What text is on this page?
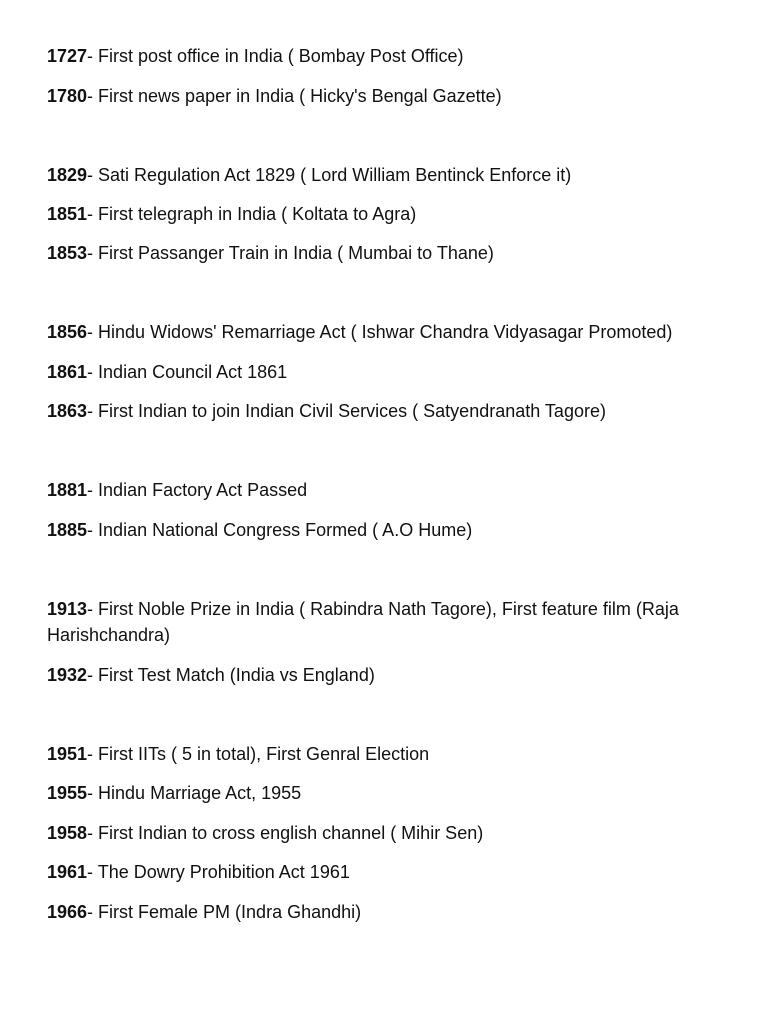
1727- First post office in India ( Bombay Post Office)
1780- First news paper in India ( Hicky's Bengal Gazette)
1829- Sati Regulation Act 1829 ( Lord William Bentinck Enforce it)
1851- First telegraph in India ( Koltata to Agra)
1853- First Passanger Train in India ( Mumbai to Thane)
1856- Hindu Widows' Remarriage Act ( Ishwar Chandra Vidyasagar Promoted)
1861- Indian Council Act 1861
1863- First Indian to join Indian Civil Services ( Satyendranath Tagore)
1881- Indian Factory Act Passed
1885- Indian National Congress Formed ( A.O Hume)
1913- First Noble Prize in India ( Rabindra Nath Tagore), First feature film (Raja Harishchandra)
1932- First Test Match (India vs England)
1951- First IITs ( 5 in total), First Genral Election
1955- Hindu Marriage Act, 1955
1958- First Indian to cross english channel ( Mihir Sen)
1961- The Dowry Prohibition Act 1961
1966- First Female PM (Indra Ghandhi)
